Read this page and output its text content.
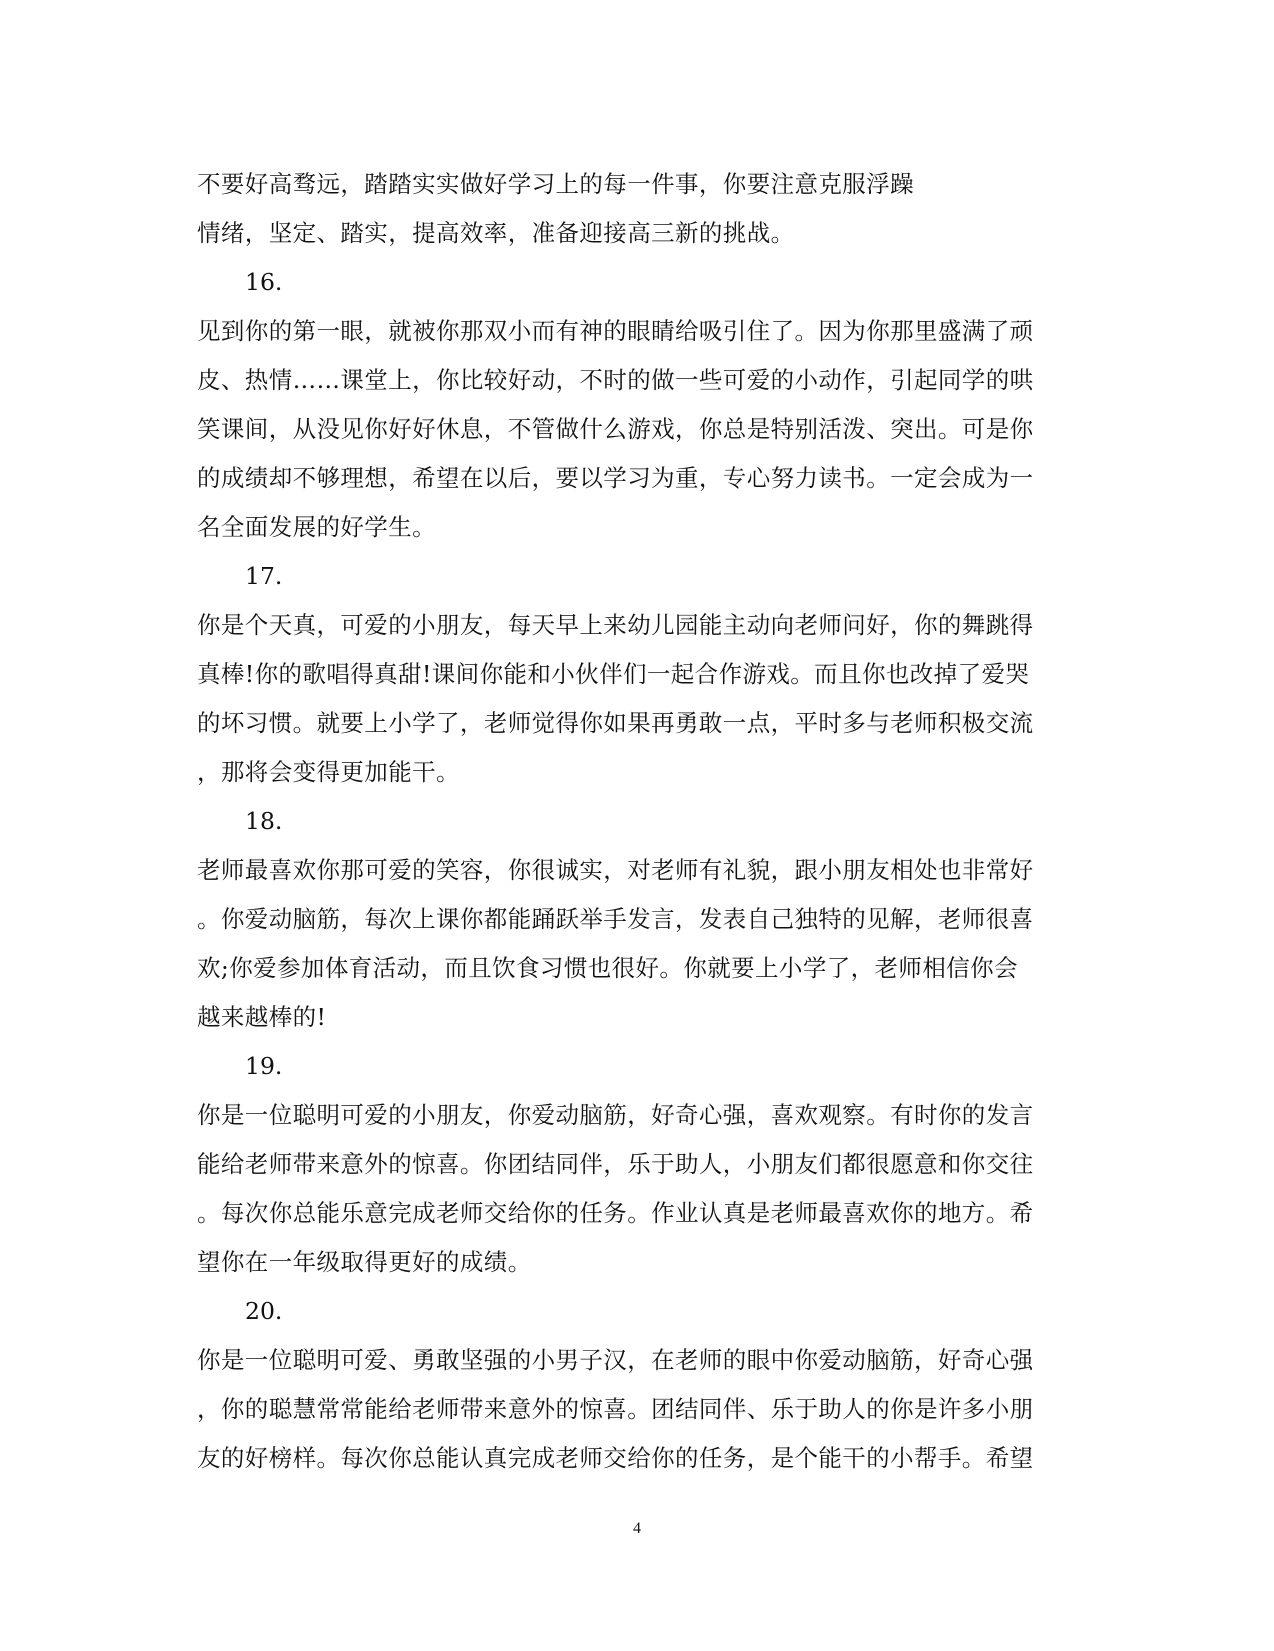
不要好高骛远，踏踏实实做好学习上的每一件事，你要注意克服浮躁
情绪，坚定、踏实，提高效率，准备迎接高三新的挑战。
16.
见到你的第一眼，就被你那双小而有神的眼睛给吸引住了。因为你那里盛满了顽
皮、热情……课堂上，你比较好动，不时的做一些可爱的小动作，引起同学的哄
笑课间，从没见你好好休息，不管做什么游戏，你总是特别活泼、突出。可是你
的成绩却不够理想，希望在以后，要以学习为重，专心努力读书。一定会成为一
名全面发展的好学生。
17.
你是个天真，可爱的小朋友，每天早上来幼儿园能主动向老师问好，你的舞跳得
真棒!你的歌唱得真甜!课间你能和小伙伴们一起合作游戏。而且你也改掉了爱哭
的坏习惯。就要上小学了，老师觉得你如果再勇敢一点，平时多与老师积极交流
，那将会变得更加能干。
18.
老师最喜欢你那可爱的笑容，你很诚实，对老师有礼貌，跟小朋友相处也非常好
。你爱动脑筋，每次上课你都能踊跃举手发言，发表自己独特的见解，老师很喜
欢;你爱参加体育活动，而且饮食习惯也很好。你就要上小学了，老师相信你会
越来越棒的!
19.
你是一位聪明可爱的小朋友，你爱动脑筋，好奇心强，喜欢观察。有时你的发言
能给老师带来意外的惊喜。你团结同伴，乐于助人，小朋友们都很愿意和你交往
。每次你总能乐意完成老师交给你的任务。作业认真是老师最喜欢你的地方。希
望你在一年级取得更好的成绩。
20.
你是一位聪明可爱、勇敢坚强的小男子汉，在老师的眼中你爱动脑筋，好奇心强
，你的聪慧常常能给老师带来意外的惊喜。团结同伴、乐于助人的你是许多小朋
友的好榜样。每次你总能认真完成老师交给你的任务，是个能干的小帮手。希望
4
